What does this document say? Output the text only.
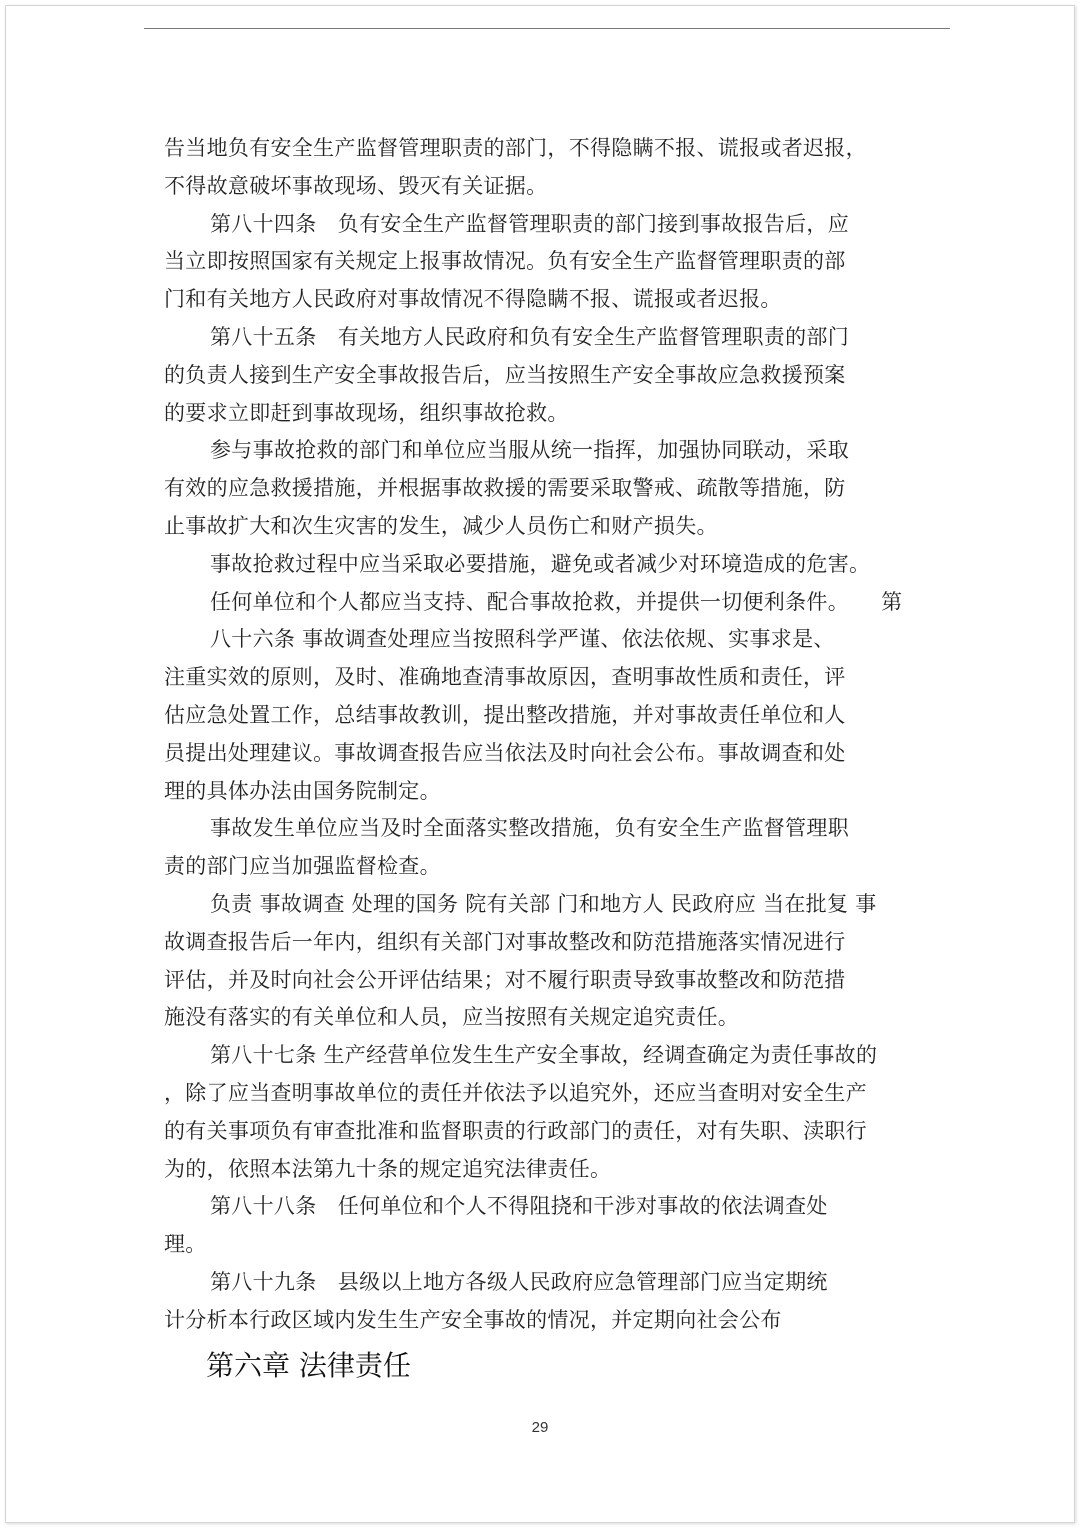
告当地负有安全生产监督管理职责的部门，不得隐瞒不报、谎报或者迟报，
不得故意破坏事故现场、毁灭有关证据。
第八十四条　负有安全生产监督管理职责的部门接到事故报告后，应
当立即按照国家有关规定上报事故情况。负有安全生产监督管理职责的部
门和有关地方人民政府对事故情况不得隐瞒不报、谎报或者迟报。
第八十五条　有关地方人民政府和负有安全生产监督管理职责的部门
的负责人接到生产安全事故报告后，应当按照生产安全事故应急救援预案
的要求立即赶到事故现场，组织事故抢救。
参与事故抢救的部门和单位应当服从统一指挥，加强协同联动，采取
有效的应急救援措施，并根据事故救援的需要采取警戒、疏散等措施，防
止事故扩大和次生灾害的发生，减少人员伤亡和财产损失。
事故抢救过程中应当采取必要措施，避免或者减少对环境造成的危害。
任何单位和个人都应当支持、配合事故抢救，并提供一切便利条件。　　第
八十六条 事故调查处理应当按照科学严谨、依法依规、实事求是、
注重实效的原则，及时、准确地查清事故原因，查明事故性质和责任，评
估应急处置工作，总结事故教训，提出整改措施，并对事故责任单位和人
员提出处理建议。事故调查报告应当依法及时向社会公布。事故调查和处
理的具体办法由国务院制定。
事故发生单位应当及时全面落实整改措施，负有安全生产监督管理职
责的部门应当加强监督检查。
负责 事故调查 处理的国务 院有关部 门和地方人 民政府应 当在批复 事
故调查报告后一年内，组织有关部门对事故整改和防范措施落实情况进行
评估，并及时向社会公开评估结果；对不履行职责导致事故整改和防范措
施没有落实的有关单位和人员，应当按照有关规定追究责任。
第八十七条 生产经营单位发生生产安全事故，经调查确定为责任事故的
，除了应当查明事故单位的责任并依法予以追究外，还应当查明对安全生产
的有关事项负有审查批准和监督职责的行政部门的责任，对有失职、渎职行
为的，依照本法第九十条的规定追究法律责任。
第八十八条　任何单位和个人不得阻挠和干涉对事故的依法调查处
理。
第八十九条　县级以上地方各级人民政府应急管理部门应当定期统
计分析本行政区域内发生生产安全事故的情况，并定期向社会公布
第六章 法律责任
29
